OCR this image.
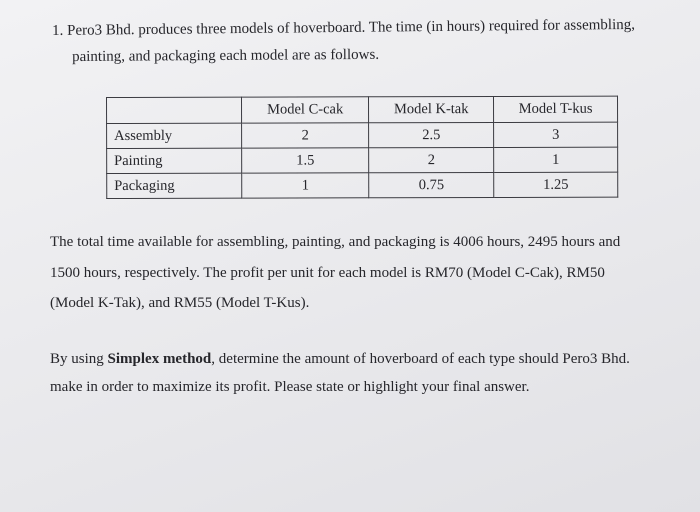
1. Pero3 Bhd. produces three models of hoverboard. The time (in hours) required for assembling,
painting, and packaging each model are as follows.
	Model C-cak	Model K-tak	Model T-kus
Assembly	2	2.5	3
Painting	1.5	2	1
Packaging	1	0.75	1.25
The total time available for assembling, painting, and packaging is 4006 hours, 2495 hours and
1500 hours, respectively. The profit per unit for each model is RM70 (Model C-Cak), RM50
(Model K-Tak), and RM55 (Model T-Kus).
By using Simplex method, determine the amount of hoverboard of each type should Pero3 Bhd.
make in order to maximize its profit. Please state or highlight your final answer.
